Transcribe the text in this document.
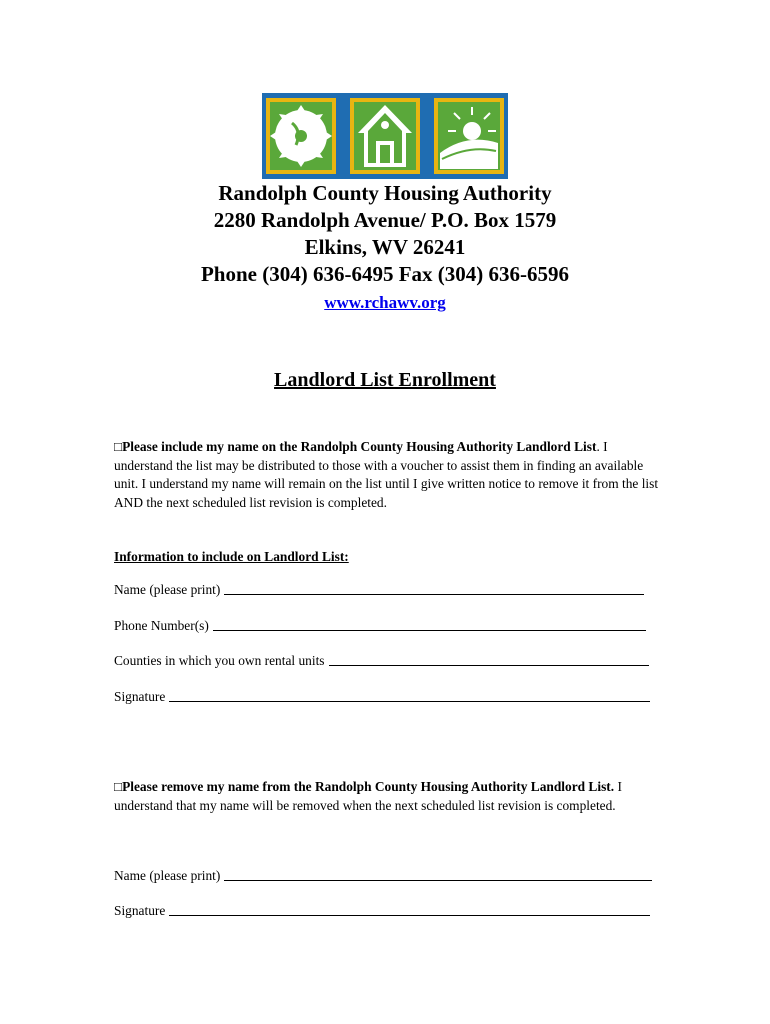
Randolph County Housing Authority
2280 Randolph Avenue/ P.O. Box 1579
Elkins, WV 26241
Phone (304) 636-6495 Fax (304) 636-6596
www.rchawv.org
Landlord List Enrollment

□Please include my name on the Randolph County Housing Authority Landlord List. I understand the list may be distributed to those with a voucher to assist them in finding an available unit. I understand my name will remain on the list until I give written notice to remove it from the list AND the next scheduled list revision is completed.

Information to include on Landlord List:
Name (please print)
Phone Number(s)
Counties in which you own rental units
Signature

□Please remove my name from the Randolph County Housing Authority Landlord List. I understand that my name will be removed when the next scheduled list revision is completed.

Name (please print)
Signature
